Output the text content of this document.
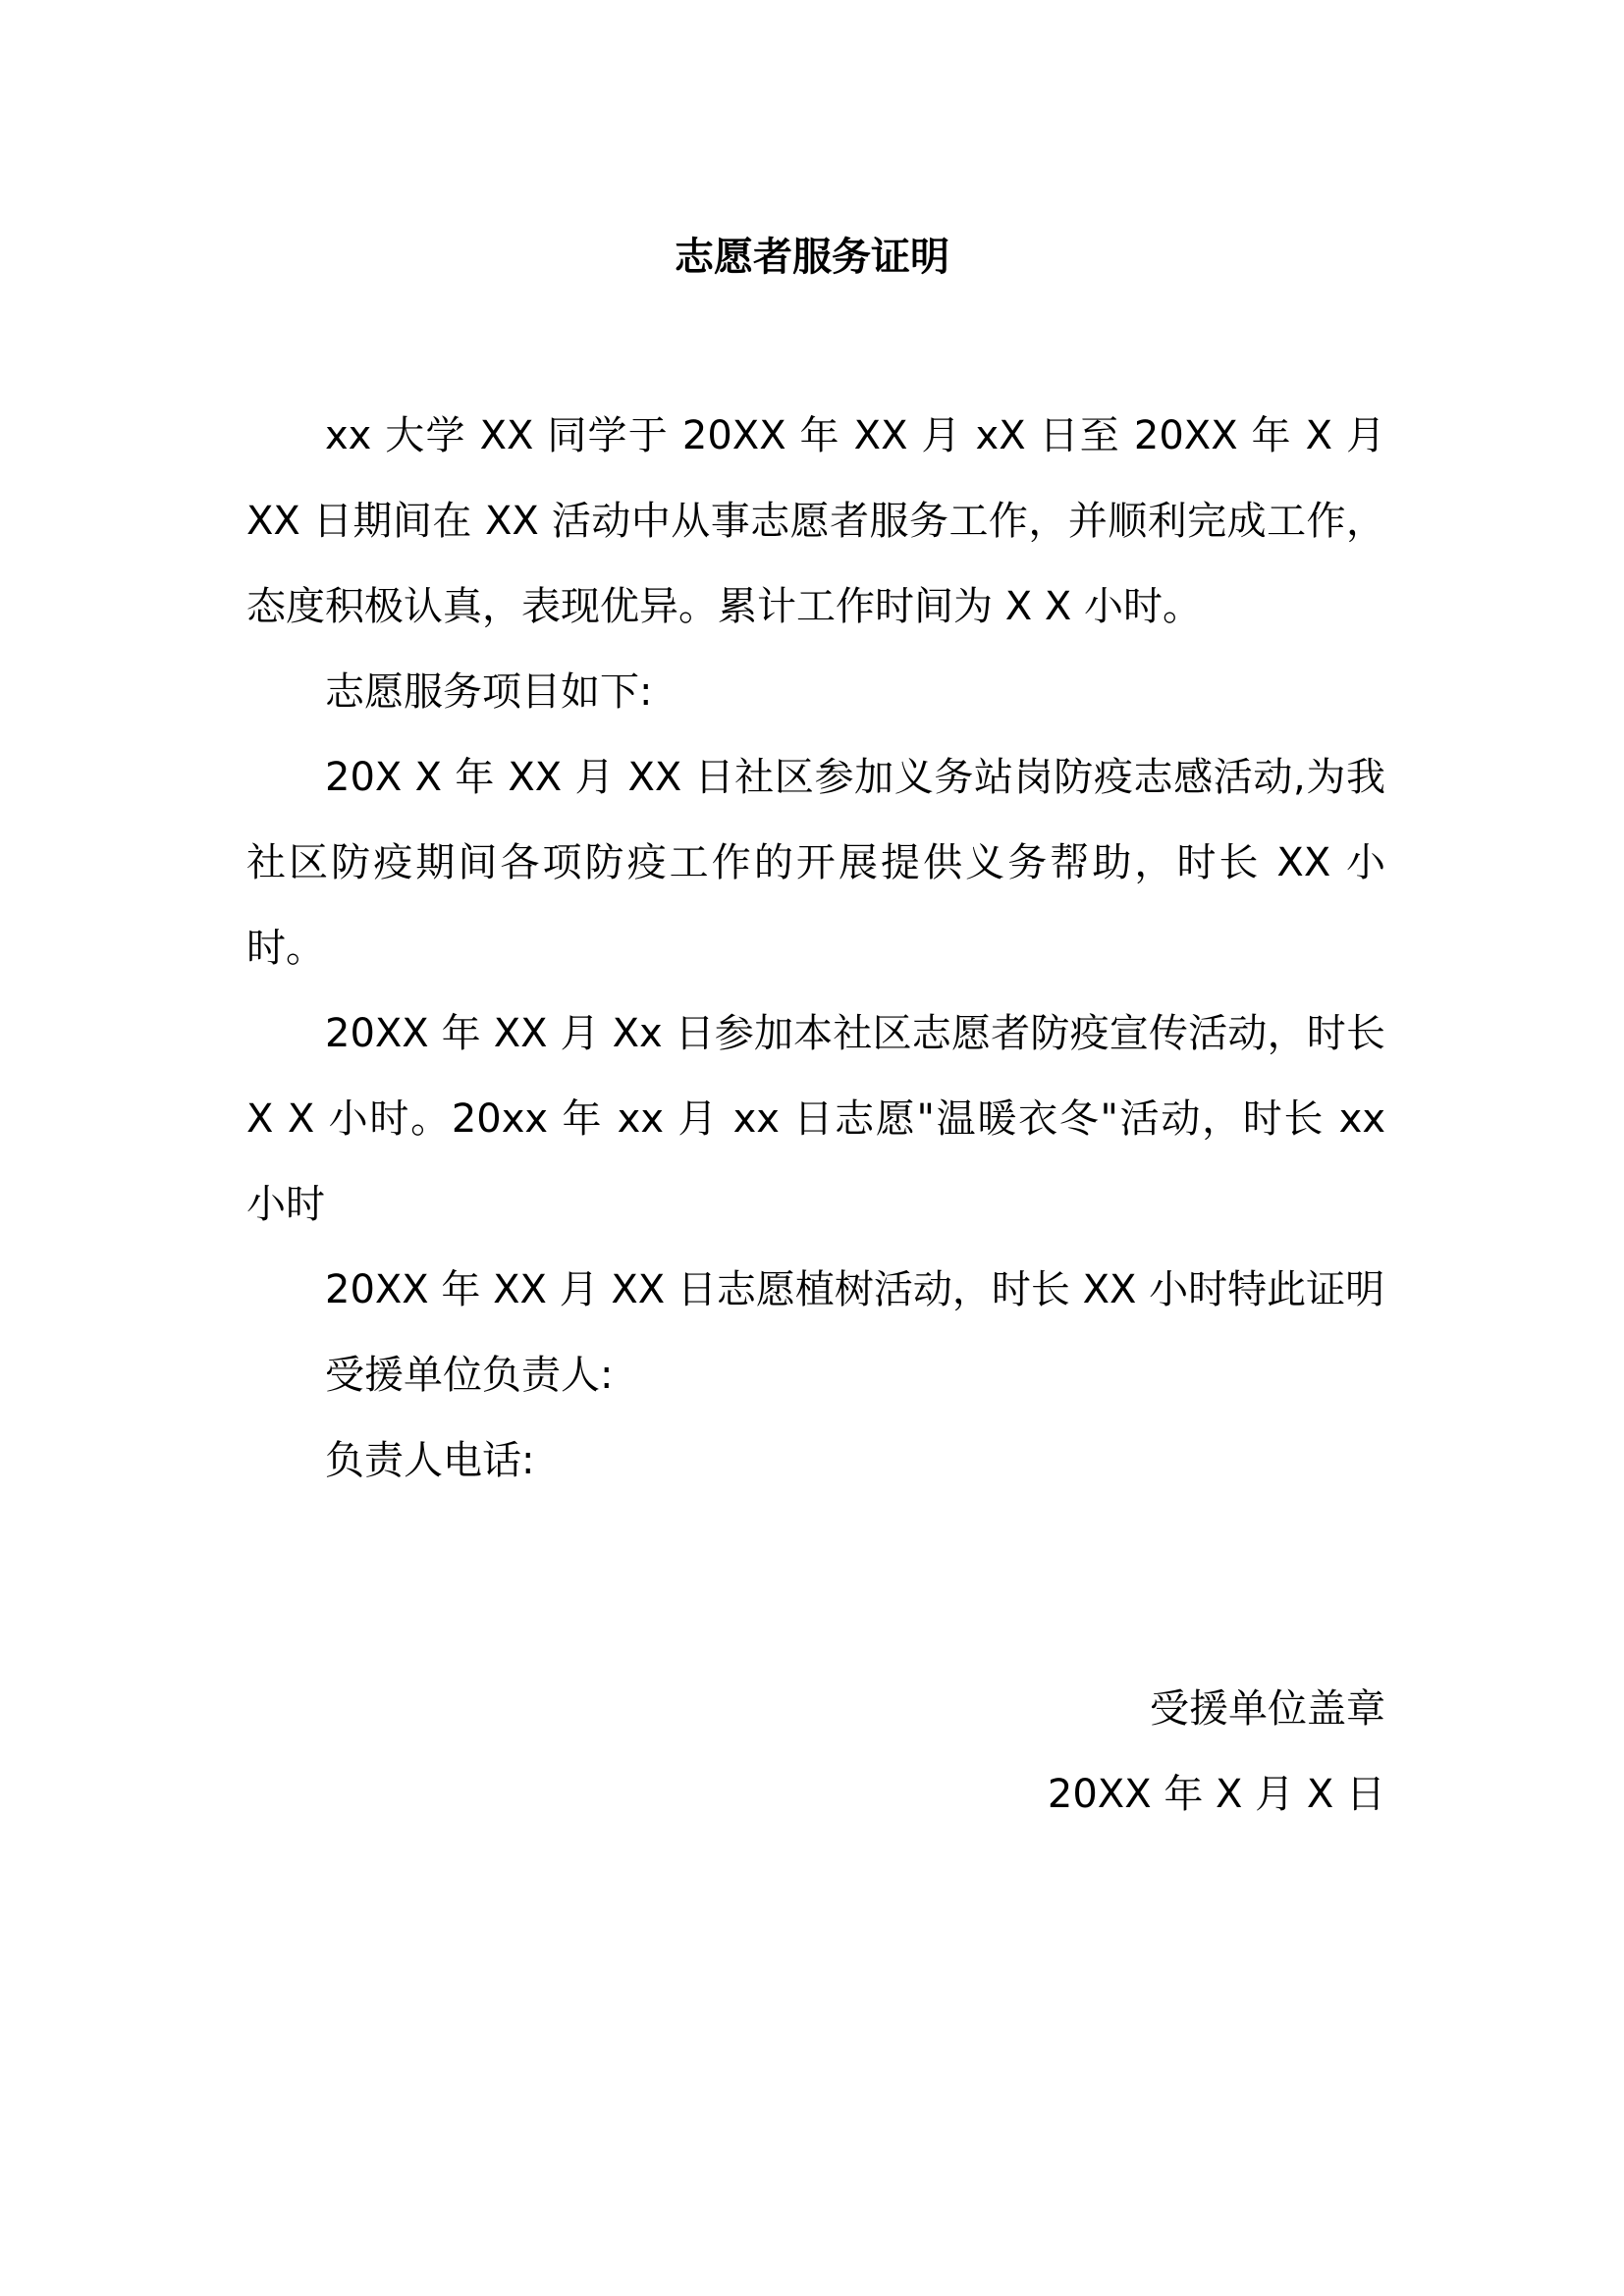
志愿者服务证明

xx 大学 XX 同学于 20XX 年 XX 月 xX 日至 20XX 年 X 月 XX 日期间在 XX 活动中从事志愿者服务工作，并顺利完成工作，态度积极认真，表现优异。累计工作时间为 X X 小时。

志愿服务项目如下:

20X X 年 XX 月 XX 日社区参加义务站岗防疫志感活动,为我社区防疫期间各项防疫工作的开展提供义务帮助，时长 XX 小时。

20XX 年 XX 月 Xx 日参加本社区志愿者防疫宣传活动，时长 X X 小时。20xx 年 xx 月 xx 日志愿"温暖衣冬"活动，时长 xx 小时

20XX 年 XX 月 XX 日志愿植树活动，时长 XX 小时特此证明

受援单位负责人:

负责人电话:

受援单位盖章

20XX 年 X 月 X 日
